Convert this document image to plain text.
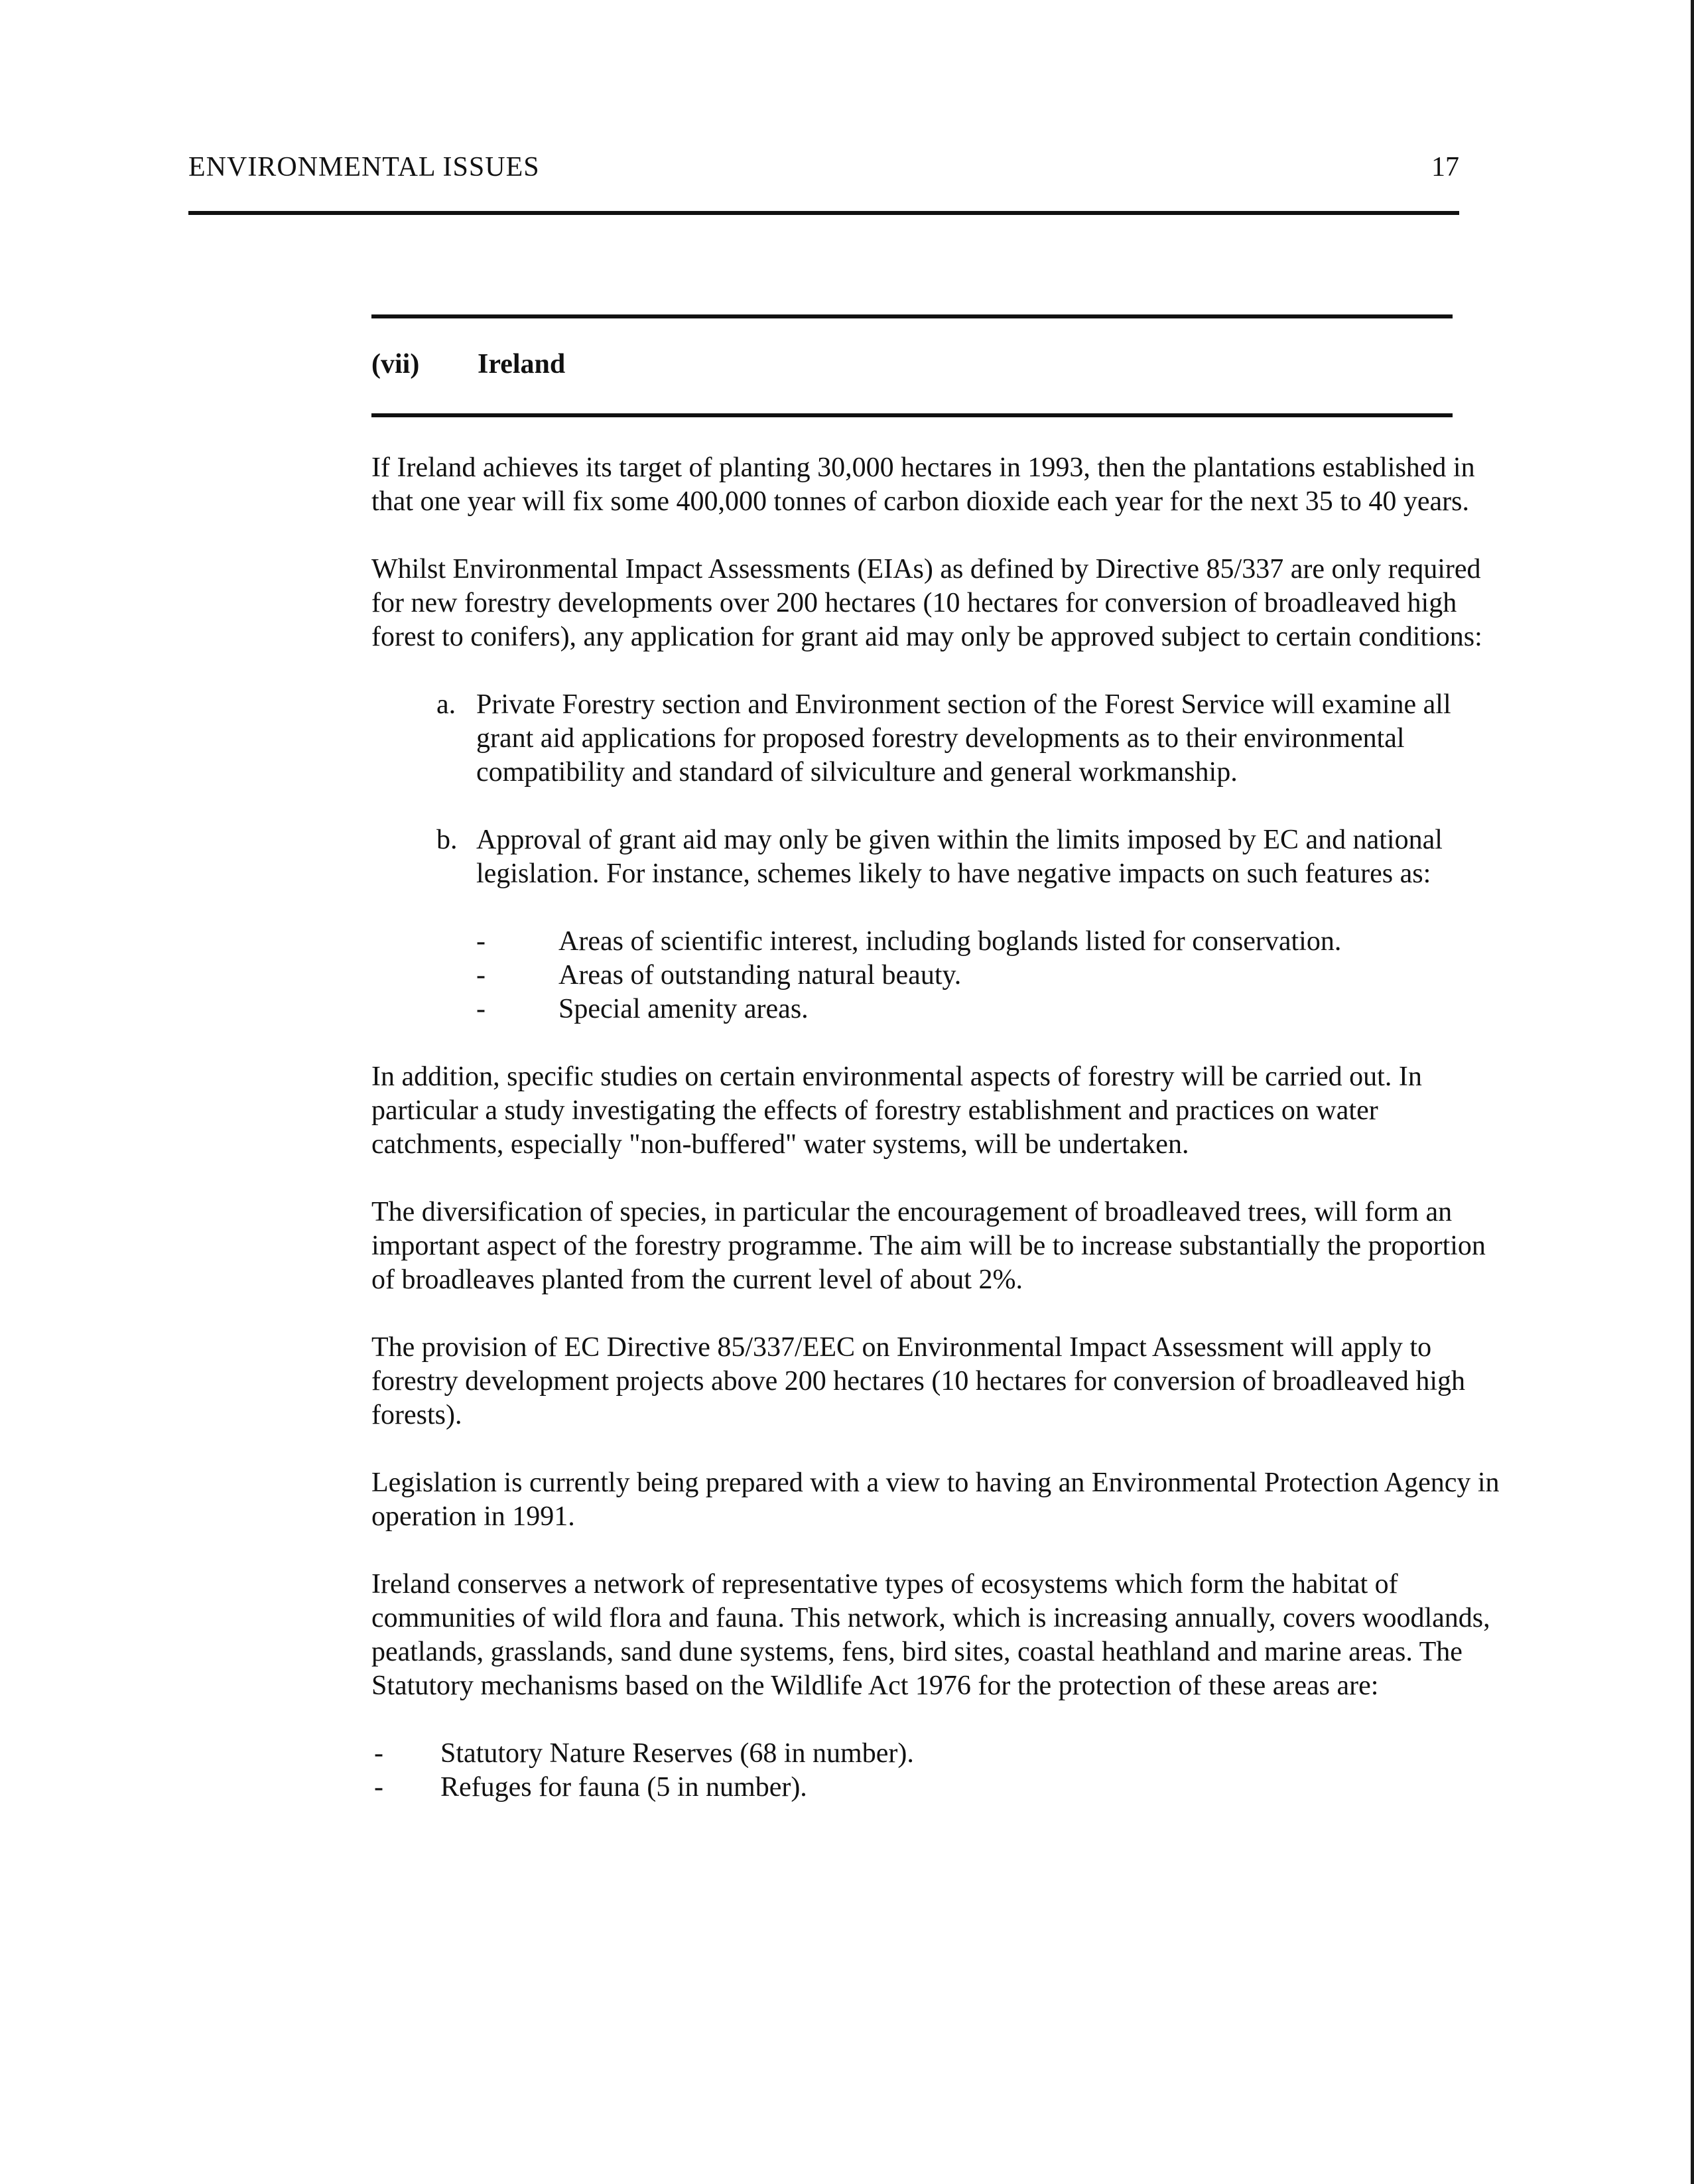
ENVIRONMENTAL ISSUES	17
(vii) Ireland

If Ireland achieves its target of planting 30,000 hectares in 1993, then the plantations established in that one year will fix some 400,000 tonnes of carbon dioxide each year for the next 35 to 40 years.

Whilst Environmental Impact Assessments (EIAs) as defined by Directive 85/337 are only required for new forestry developments over 200 hectares (10 hectares for conversion of broadleaved high forest to conifers), any application for grant aid may only be approved subject to certain conditions:

a. Private Forestry section and Environment section of the Forest Service will examine all grant aid applications for proposed forestry developments as to their environmental compatibility and standard of silviculture and general workmanship.
b. Approval of grant aid may only be given within the limits imposed by EC and national legislation. For instance, schemes likely to have negative impacts on such features as:
-	Areas of scientific interest, including boglands listed for conservation.
-	Areas of outstanding natural beauty.
-	Special amenity areas.

In addition, specific studies on certain environmental aspects of forestry will be carried out. In particular a study investigating the effects of forestry establishment and practices on water catchments, especially "non-buffered" water systems, will be undertaken.

The diversification of species, in particular the encouragement of broadleaved trees, will form an important aspect of the forestry programme. The aim will be to increase substantially the proportion of broadleaves planted from the current level of about 2%.

The provision of EC Directive 85/337/EEC on Environmental Impact Assessment will apply to forestry development projects above 200 hectares (10 hectares for conversion of broadleaved high forests).

Legislation is currently being prepared with a view to having an Environmental Protection Agency in operation in 1991.

Ireland conserves a network of representative types of ecosystems which form the habitat of communities of wild flora and fauna. This network, which is increasing annually, covers woodlands, peatlands, grasslands, sand dune systems, fens, bird sites, coastal heathland and marine areas. The Statutory mechanisms based on the Wildlife Act 1976 for the protection of these areas are:

- Statutory Nature Reserves (68 in number).
- Refuges for fauna (5 in number).
